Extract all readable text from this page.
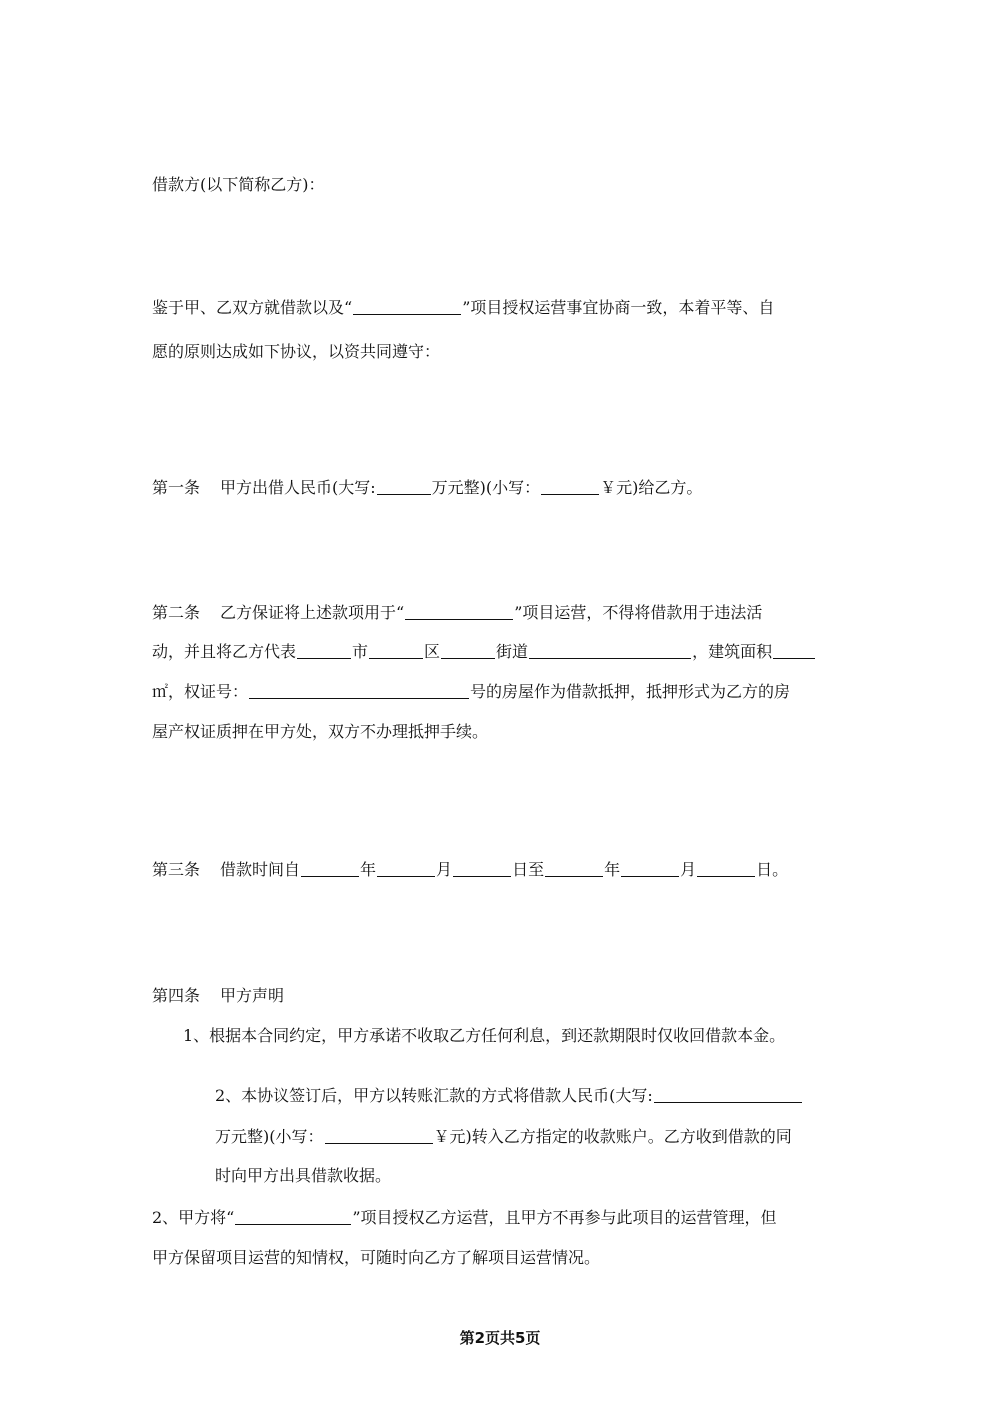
借款方(以下简称乙方)：
鉴于甲、乙双方就借款以及“	”项目授权运营事宜协商一致，本着平等、自
愿的原则达成如下协议，以资共同遵守：
第一条 甲方出借人民币(大写:	万元整)(小写：	￥元)给乙方。
第二条 乙方保证将上述款项用于“	”项目运营，不得将借款用于违法活
动，并且将乙方代表	市	区	街道	，建筑面积
㎡，权证号：	号的房屋作为借款抵押，抵押形式为乙方的房
屋产权证质押在甲方处，双方不办理抵押手续。
第三条 借款时间自	年	月	日至	年	月	日。
第四条 甲方声明
1、根据本合同约定，甲方承诺不收取乙方任何利息，到还款期限时仅收回借款本金。
2、本协议签订后，甲方以转账汇款的方式将借款人民币(大写:
万元整)(小写：	￥元)转入乙方指定的收款账户。乙方收到借款的同
时向甲方出具借款收据。
2、甲方将“	”项目授权乙方运营，且甲方不再参与此项目的运营管理，但
甲方保留项目运营的知情权，可随时向乙方了解项目运营情况。
第2页共5页
